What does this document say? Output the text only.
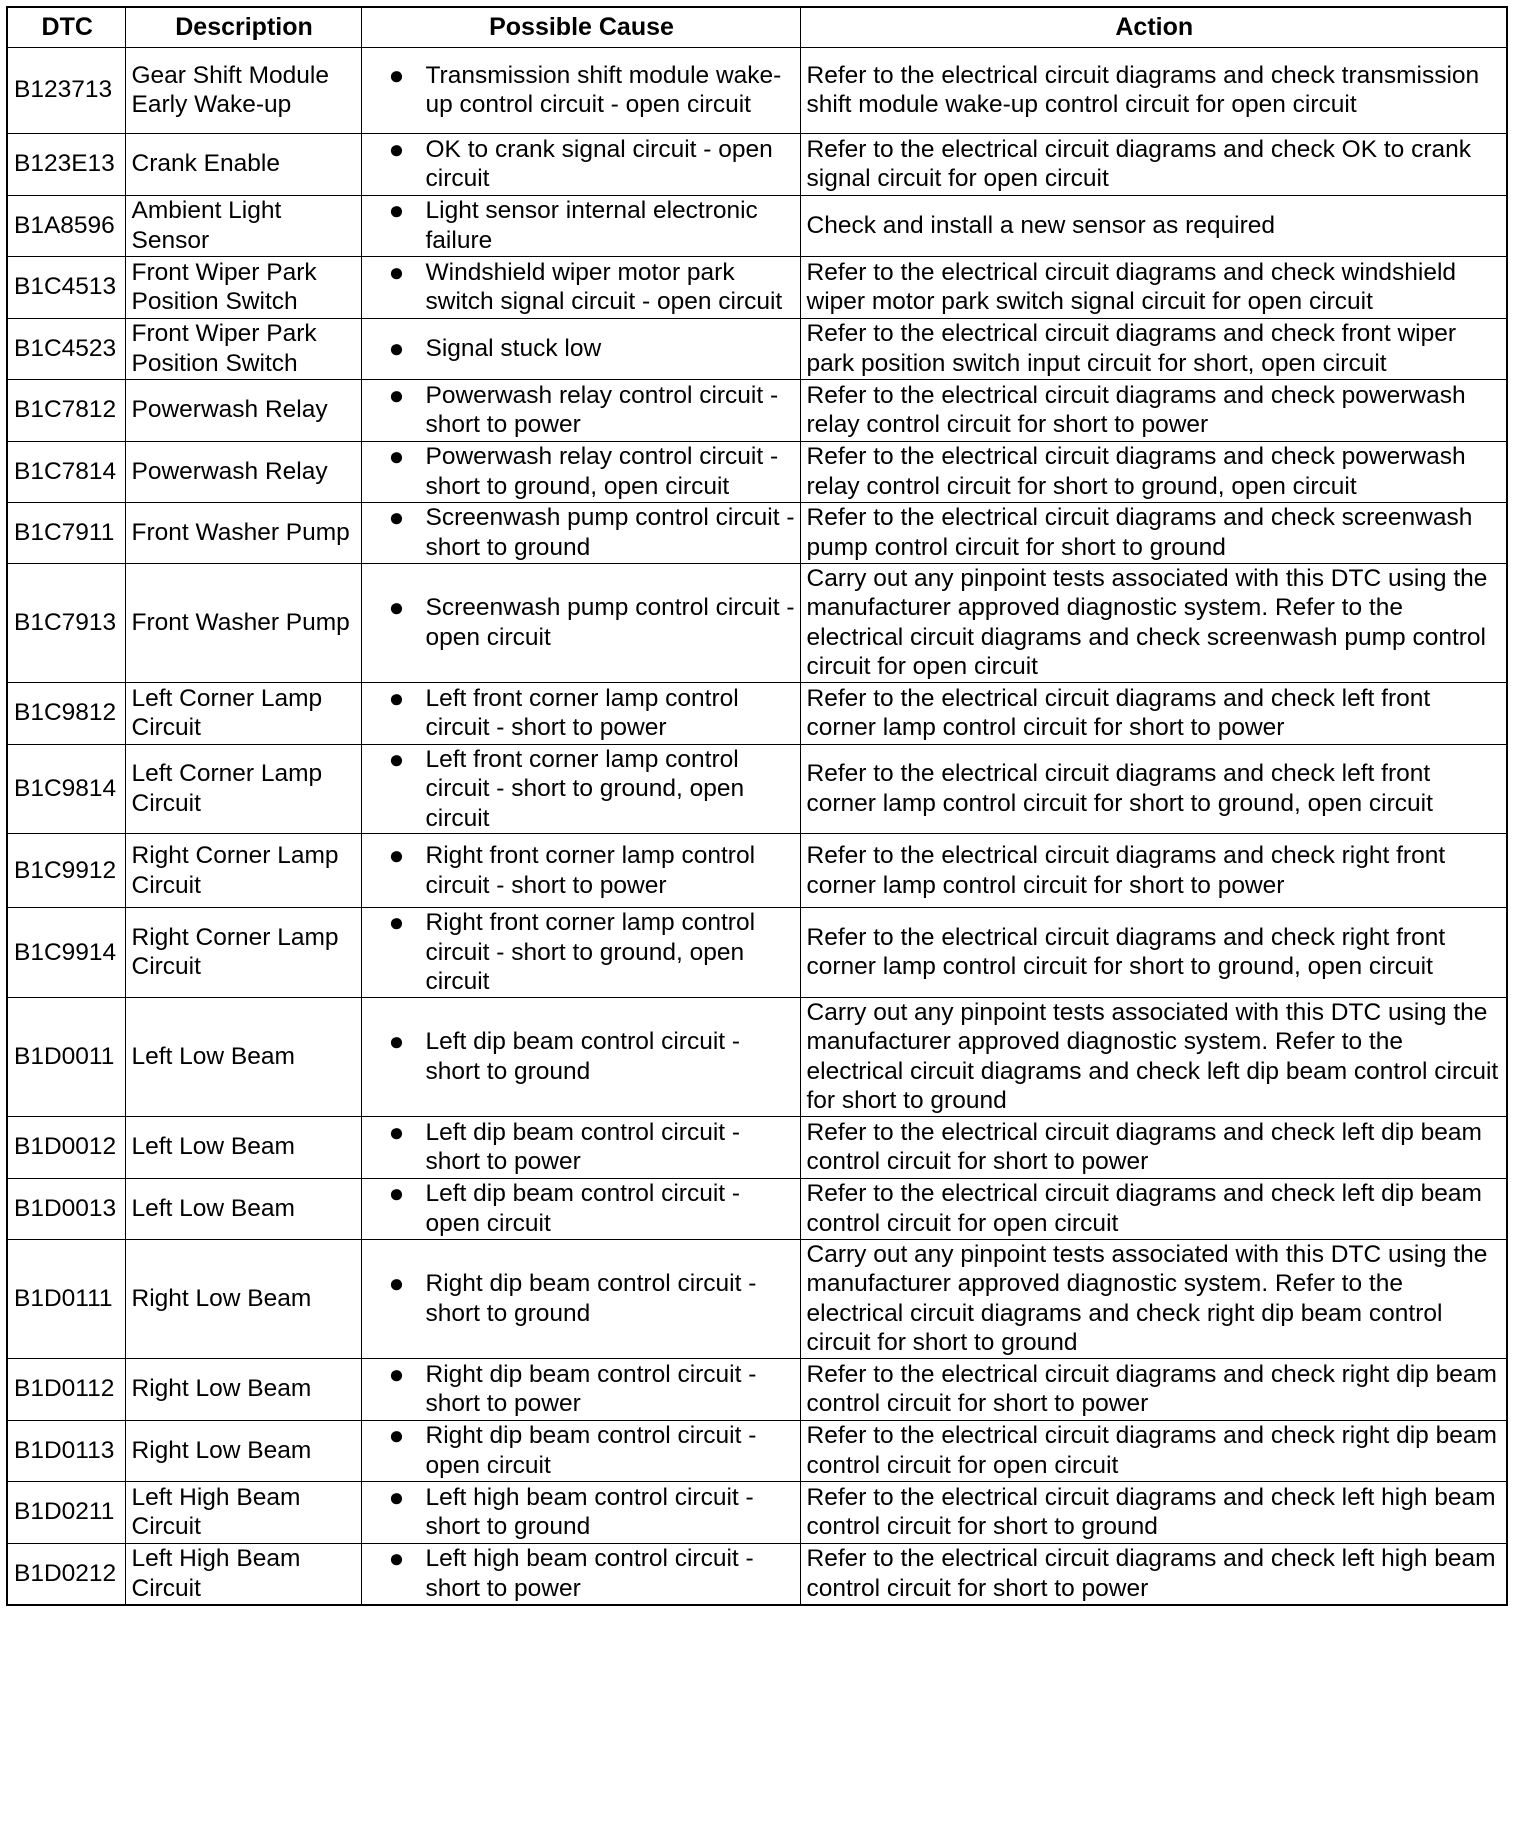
DTC	Description	Possible Cause	Action
B123713	Gear Shift Module Early Wake-up	● Transmission shift module wake-up control circuit - open circuit	Refer to the electrical circuit diagrams and check transmission shift module wake-up control circuit for open circuit
B123E13	Crank Enable	● OK to crank signal circuit - open circuit	Refer to the electrical circuit diagrams and check OK to crank signal circuit for open circuit
B1A8596	Ambient Light Sensor	● Light sensor internal electronic failure	Check and install a new sensor as required
B1C4513	Front Wiper Park Position Switch	● Windshield wiper motor park switch signal circuit - open circuit	Refer to the electrical circuit diagrams and check windshield wiper motor park switch signal circuit for open circuit
B1C4523	Front Wiper Park Position Switch	● Signal stuck low	Refer to the electrical circuit diagrams and check front wiper park position switch input circuit for short, open circuit
B1C7812	Powerwash Relay	● Powerwash relay control circuit - short to power	Refer to the electrical circuit diagrams and check powerwash relay control circuit for short to power
B1C7814	Powerwash Relay	● Powerwash relay control circuit - short to ground, open circuit	Refer to the electrical circuit diagrams and check powerwash relay control circuit for short to ground, open circuit
B1C7911	Front Washer Pump	● Screenwash pump control circuit - short to ground	Refer to the electrical circuit diagrams and check screenwash pump control circuit for short to ground
B1C7913	Front Washer Pump	● Screenwash pump control circuit - open circuit	Carry out any pinpoint tests associated with this DTC using the manufacturer approved diagnostic system. Refer to the electrical circuit diagrams and check screenwash pump control circuit for open circuit
B1C9812	Left Corner Lamp Circuit	● Left front corner lamp control circuit - short to power	Refer to the electrical circuit diagrams and check left front corner lamp control circuit for short to power
B1C9814	Left Corner Lamp Circuit	● Left front corner lamp control circuit - short to ground, open circuit	Refer to the electrical circuit diagrams and check left front corner lamp control circuit for short to ground, open circuit
B1C9912	Right Corner Lamp Circuit	● Right front corner lamp control circuit - short to power	Refer to the electrical circuit diagrams and check right front corner lamp control circuit for short to power
B1C9914	Right Corner Lamp Circuit	● Right front corner lamp control circuit - short to ground, open circuit	Refer to the electrical circuit diagrams and check right front corner lamp control circuit for short to ground, open circuit
B1D0011	Left Low Beam	● Left dip beam control circuit - short to ground	Carry out any pinpoint tests associated with this DTC using the manufacturer approved diagnostic system. Refer to the electrical circuit diagrams and check left dip beam control circuit for short to ground
B1D0012	Left Low Beam	● Left dip beam control circuit - short to power	Refer to the electrical circuit diagrams and check left dip beam control circuit for short to power
B1D0013	Left Low Beam	● Left dip beam control circuit - open circuit	Refer to the electrical circuit diagrams and check left dip beam control circuit for open circuit
B1D0111	Right Low Beam	● Right dip beam control circuit - short to ground	Carry out any pinpoint tests associated with this DTC using the manufacturer approved diagnostic system. Refer to the electrical circuit diagrams and check right dip beam control circuit for short to ground
B1D0112	Right Low Beam	● Right dip beam control circuit - short to power	Refer to the electrical circuit diagrams and check right dip beam control circuit for short to power
B1D0113	Right Low Beam	● Right dip beam control circuit - open circuit	Refer to the electrical circuit diagrams and check right dip beam control circuit for open circuit
B1D0211	Left High Beam Circuit	● Left high beam control circuit - short to ground	Refer to the electrical circuit diagrams and check left high beam control circuit for short to ground
B1D0212	Left High Beam Circuit	● Left high beam control circuit - short to power	Refer to the electrical circuit diagrams and check left high beam control circuit for short to power
